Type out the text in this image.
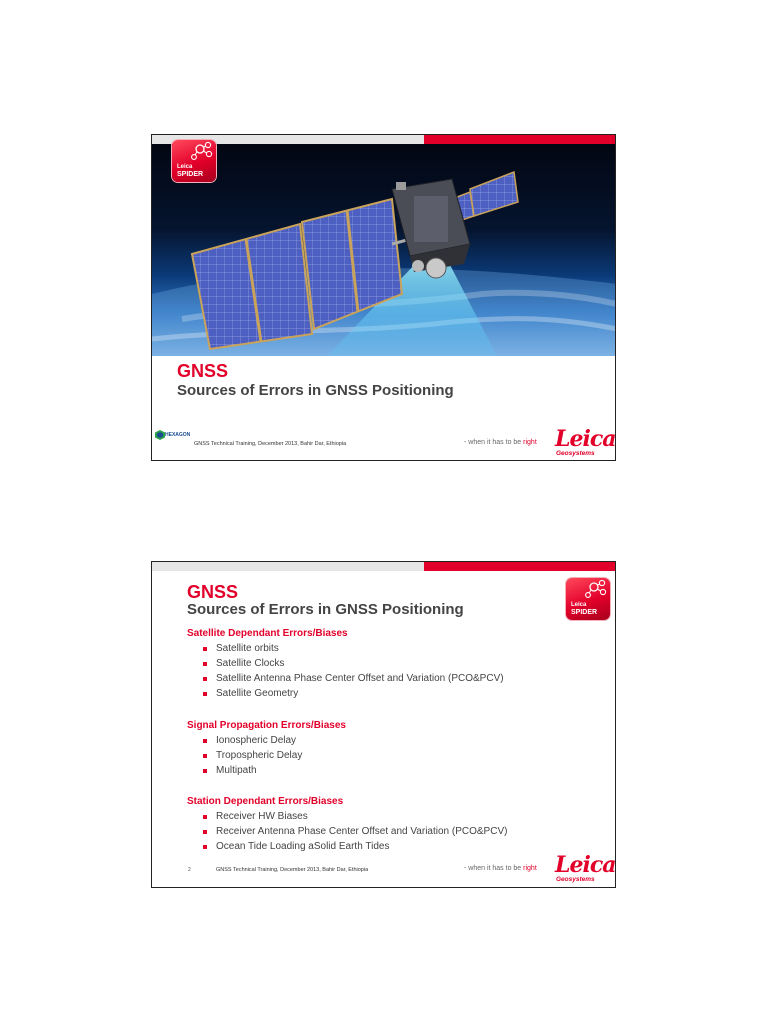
Leica
SPIDER
GNSS
Sources of Errors in GNSS Positioning
HEXAGON
GNSS Technical Training, December 2013, Bahir Dar, Ethiopia	- when it has to be right Leica
Geosystems
GNSS
Sources of Errors in GNSS Positioning	Leica
SPIDER
Satellite Dependant Errors/Biases
Satellite orbits
Satellite Clocks
Satellite Antenna Phase Center Offset and Variation (PCO&PCV)
Satellite Geometry
Signal Propagation Errors/Biases
Ionospheric Delay
Tropospheric Delay
Multipath
Station Dependant Errors/Biases
Receiver HW Biases
Receiver Antenna Phase Center Offset and Variation (PCO&PCV)
Ocean Tide Loading aSolid Earth Tides
2	GNSS Technical Training, December 2013, Bahir Dar, Ethiopia	- when it has to be right Leica
Geosystems
